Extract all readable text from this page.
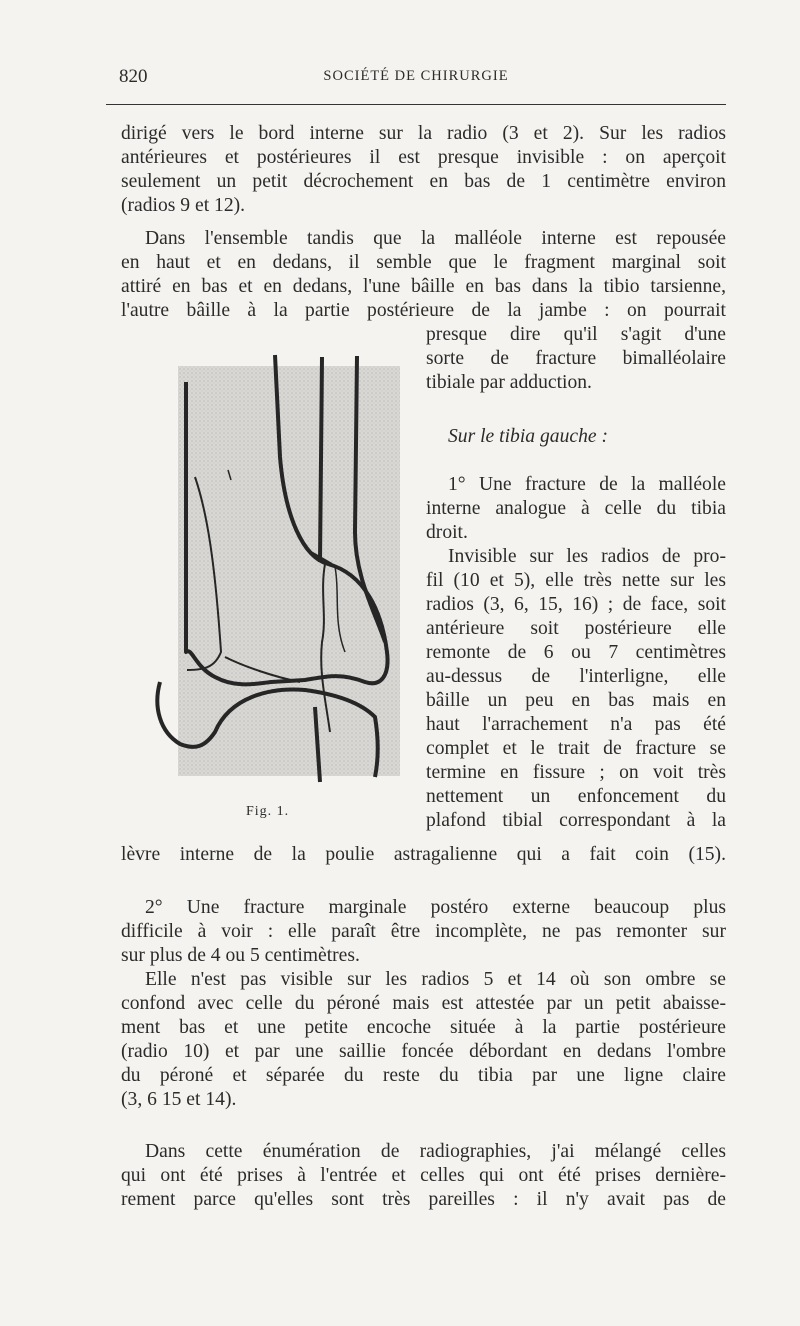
820	SOCIÉTÉ DE CHIRURGIE
dirigé vers le bord interne sur la radio (3 et 2). Sur les radios
antérieures et postérieures il est presque invisible : on aperçoit
seulement un petit décrochement en bas de 1 centimètre environ
(radios 9 et 12).
Dans l'ensemble tandis que la malléole interne est repousée
en haut et en dedans, il semble que le fragment marginal soit
attiré en bas et en dedans, l'une bâille en bas dans la tibio tarsienne,
l'autre bâille à la partie postérieure de la jambe : on pourrait
presque dire qu'il s'agit d'une
sorte de fracture bimalléolaire
tibiale par adduction.
Sur le tibia gauche :
1° Une fracture de la malléole
interne analogue à celle du tibia
droit.
Invisible sur les radios de pro-
fil (10 et 5), elle très nette sur les
radios (3, 6, 15, 16) ; de face, soit
antérieure soit postérieure elle
remonte de 6 ou 7 centimètres
au-dessus de l'interligne, elle
bâille un peu en bas mais en
haut l'arrachement n'a pas été
complet et le trait de fracture se
termine en fissure ; on voit très
nettement un enfoncement du
plafond tibial correspondant à la
lèvre interne de la poulie astragalienne qui a fait coin (15).
2° Une fracture marginale postéro externe beaucoup plus
difficile à voir : elle paraît être incomplète, ne pas remonter sur
sur plus de 4 ou 5 centimètres.
Elle n'est pas visible sur les radios 5 et 14 où son ombre se
confond avec celle du péroné mais est attestée par un petit abaisse-
ment bas et une petite encoche située à la partie postérieure
(radio 10) et par une saillie foncée débordant en dedans l'ombre
du péroné et séparée du reste du tibia par une ligne claire
(3, 6 15 et 14).
Dans cette énumération de radiographies, j'ai mélangé celles
qui ont été prises à l'entrée et celles qui ont été prises dernière-
rement parce qu'elles sont très pareilles : il n'y avait pas de
Fig. 1.
